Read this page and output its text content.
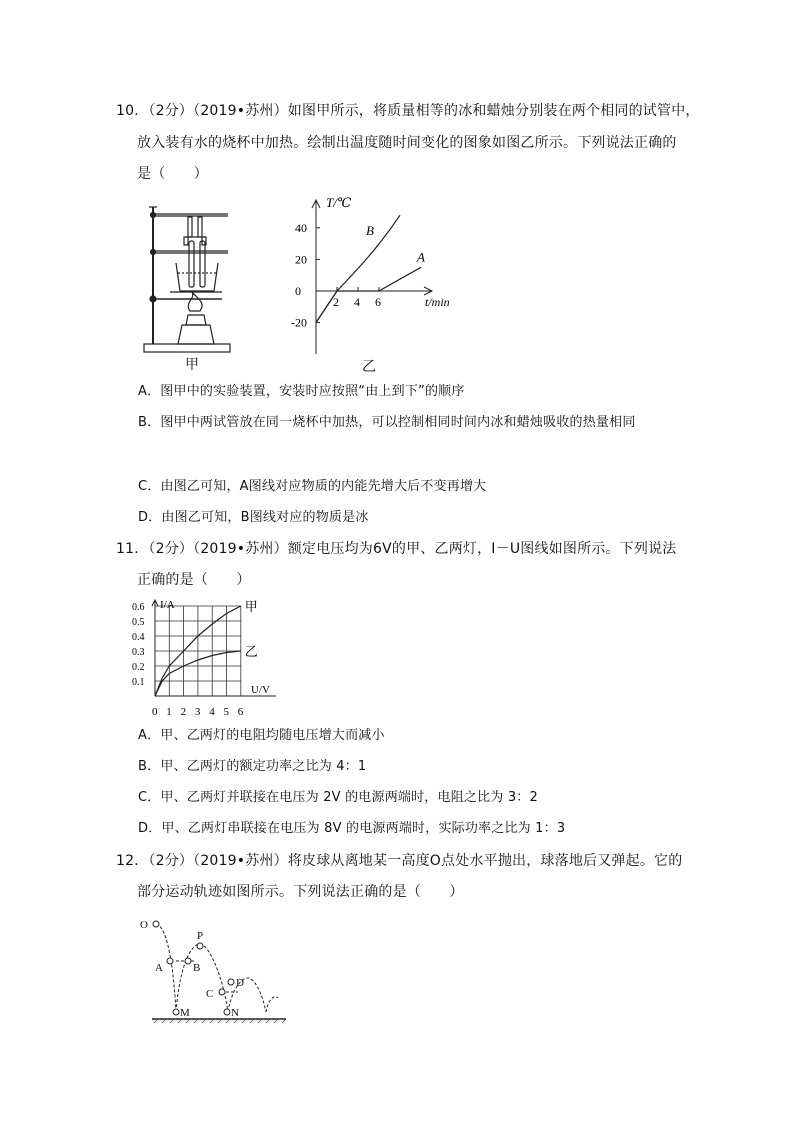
10．（2分）（2019•苏州）如图甲所示，将质量相等的冰和蜡烛分别装在两个相同的试管中，
放入装有水的烧杯中加热。绘制出温度随时间变化的图象如图乙所示。下列说法正确的
是（　　）
甲
2 4 6
40
20
0
-20
A
B
T/℃
t/min
乙
A．图甲中的实验装置，安装时应按照“由上到下”的顺序
B．图甲中两试管放在同一烧杯中加热，可以控制相同时间内冰和蜡烛吸收的热量相同
C．由图乙可知，A图线对应物质的内能先增大后不变再增大
D．由图乙可知，B图线对应的物质是冰
11．（2分）（2019•苏州）额定电压均为6V的甲、乙两灯，I－U图线如图所示。下列说法
正确的是（　　）
0 1 2 3 4 5 6
0.1
0.2
0.3
0.4
0.5
0.6	甲
乙
I/A
U/V
A．甲、乙两灯的电阻均随电压增大而减小
B．甲、乙两灯的额定功率之比为 4：1
C．甲、乙两灯并联接在电压为 2V 的电源两端时，电阻之比为 3：2
D．甲、乙两灯串联接在电压为 8V 的电源两端时，实际功率之比为 1：3
12．（2分）（2019•苏州）将皮球从离地某一高度O点处水平抛出，球落地后又弹起。它的
部分运动轨迹如图所示。下列说法正确的是（　　）
O
P
A	B
C
D
M	N
